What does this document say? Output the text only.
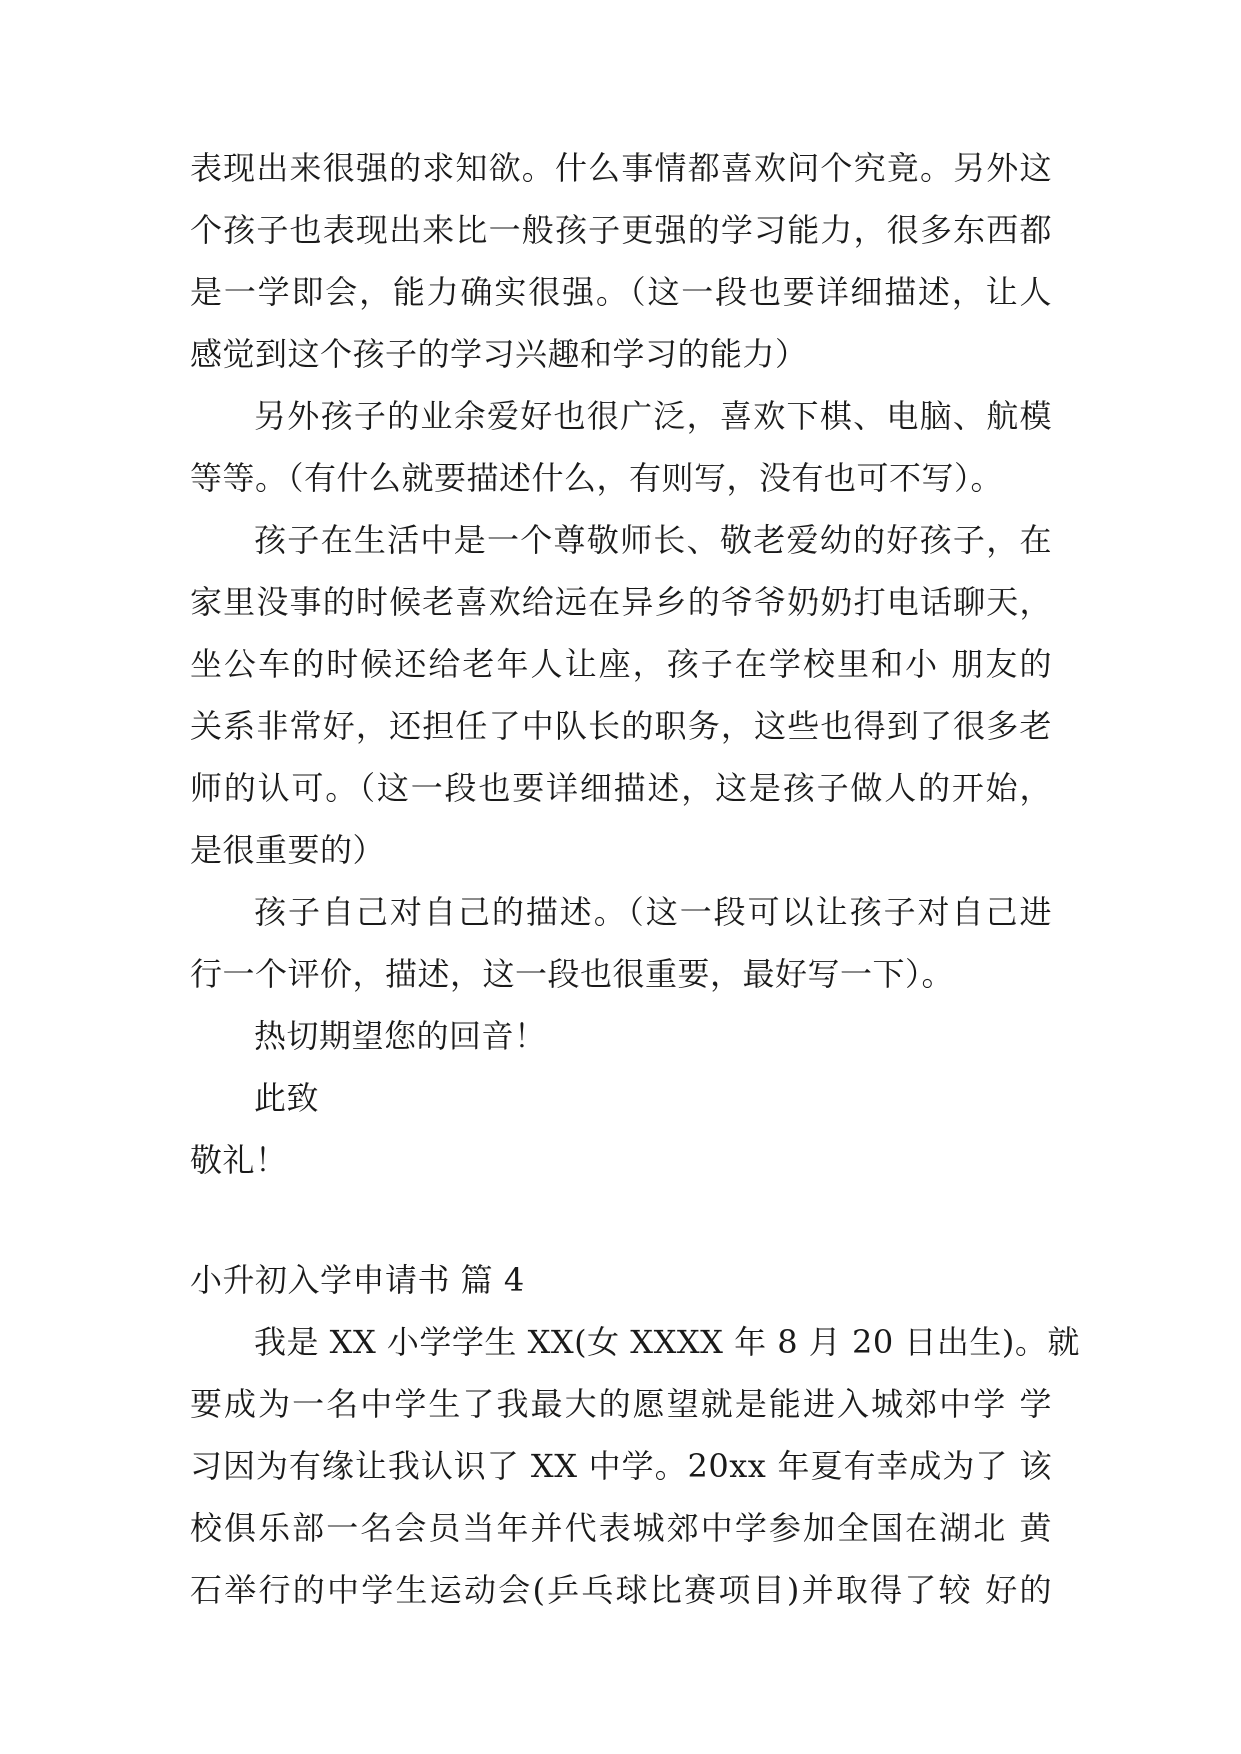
表现出来很强的求知欲。什么事情都喜欢问个究竟。另外这
个孩子也表现出来比一般孩子更强的学习能力，很多东西都
是一学即会，能力确实很强。（这一段也要详细描述，让人
感觉到这个孩子的学习兴趣和学习的能力）
另外孩子的业余爱好也很广泛，喜欢下棋、电脑、航模
等等。（有什么就要描述什么，有则写，没有也可不写）。
孩子在生活中是一个尊敬师长、敬老爱幼的好孩子，在
家里没事的时候老喜欢给远在异乡的爷爷奶奶打电话聊天，
坐公车的时候还给老年人让座，孩子在学校里和小 朋友的
关系非常好，还担任了中队长的职务，这些也得到了很多老
师的认可。（这一段也要详细描述，这是孩子做人的开始，
是很重要的）
孩子自己对自己的描述。（这一段可以让孩子对自己进
行一个评价，描述，这一段也很重要，最好写一下）。
热切期望您的回音！
此致
敬礼！
小升初入学申请书 篇 4
我是 XX 小学学生 XX(女 XXXX 年 8 月 20 日出生)。就
要成为一名中学生了我最大的愿望就是能进入城郊中学 学
习因为有缘让我认识了 XX 中学。20xx 年夏有幸成为了 该
校俱乐部一名会员当年并代表城郊中学参加全国在湖北 黄
石举行的中学生运动会(乒乓球比赛项目)并取得了较 好的
